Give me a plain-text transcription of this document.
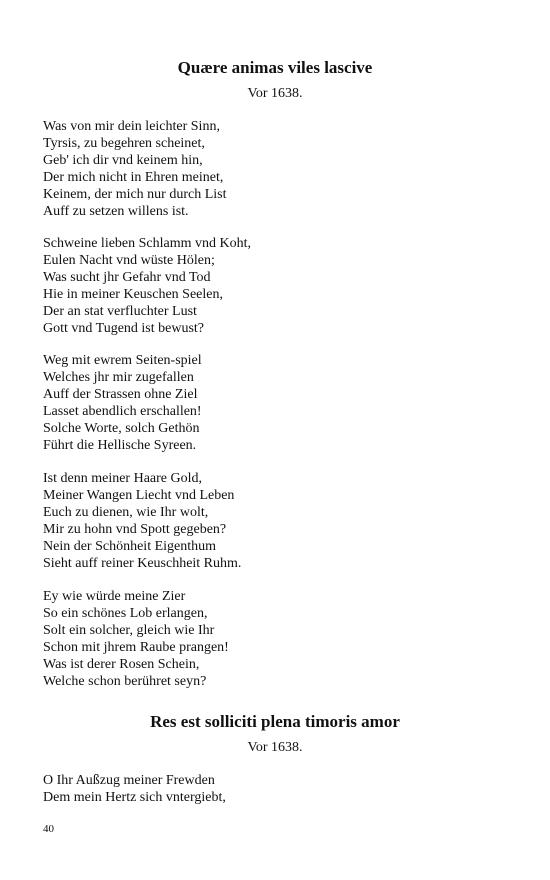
Quære animas viles lascive
Vor 1638.
Was von mir dein leichter Sinn,
Tyrsis, zu begehren scheinet,
Geb' ich dir vnd keinem hin,
Der mich nicht in Ehren meinet,
Keinem, der mich nur durch List
Auff zu setzen willens ist.
Schweine lieben Schlamm vnd Koht,
Eulen Nacht vnd wüste Hölen;
Was sucht jhr Gefahr vnd Tod
Hie in meiner Keuschen Seelen,
Der an stat verfluchter Lust
Gott vnd Tugend ist bewust?
Weg mit ewrem Seiten-spiel
Welches jhr mir zugefallen
Auff der Strassen ohne Ziel
Lasset abendlich erschallen!
Solche Worte, solch Gethön
Führt die Hellische Syreen.
Ist denn meiner Haare Gold,
Meiner Wangen Liecht vnd Leben
Euch zu dienen, wie Ihr wolt,
Mir zu hohn vnd Spott gegeben?
Nein der Schönheit Eigenthum
Sieht auff reiner Keuschheit Ruhm.
Ey wie würde meine Zier
So ein schönes Lob erlangen,
Solt ein solcher, gleich wie Ihr
Schon mit jhrem Raube prangen!
Was ist derer Rosen Schein,
Welche schon berühret seyn?
Res est solliciti plena timoris amor
Vor 1638.
O Ihr Außzug meiner Frewden
Dem mein Hertz sich vntergiebt,
40
